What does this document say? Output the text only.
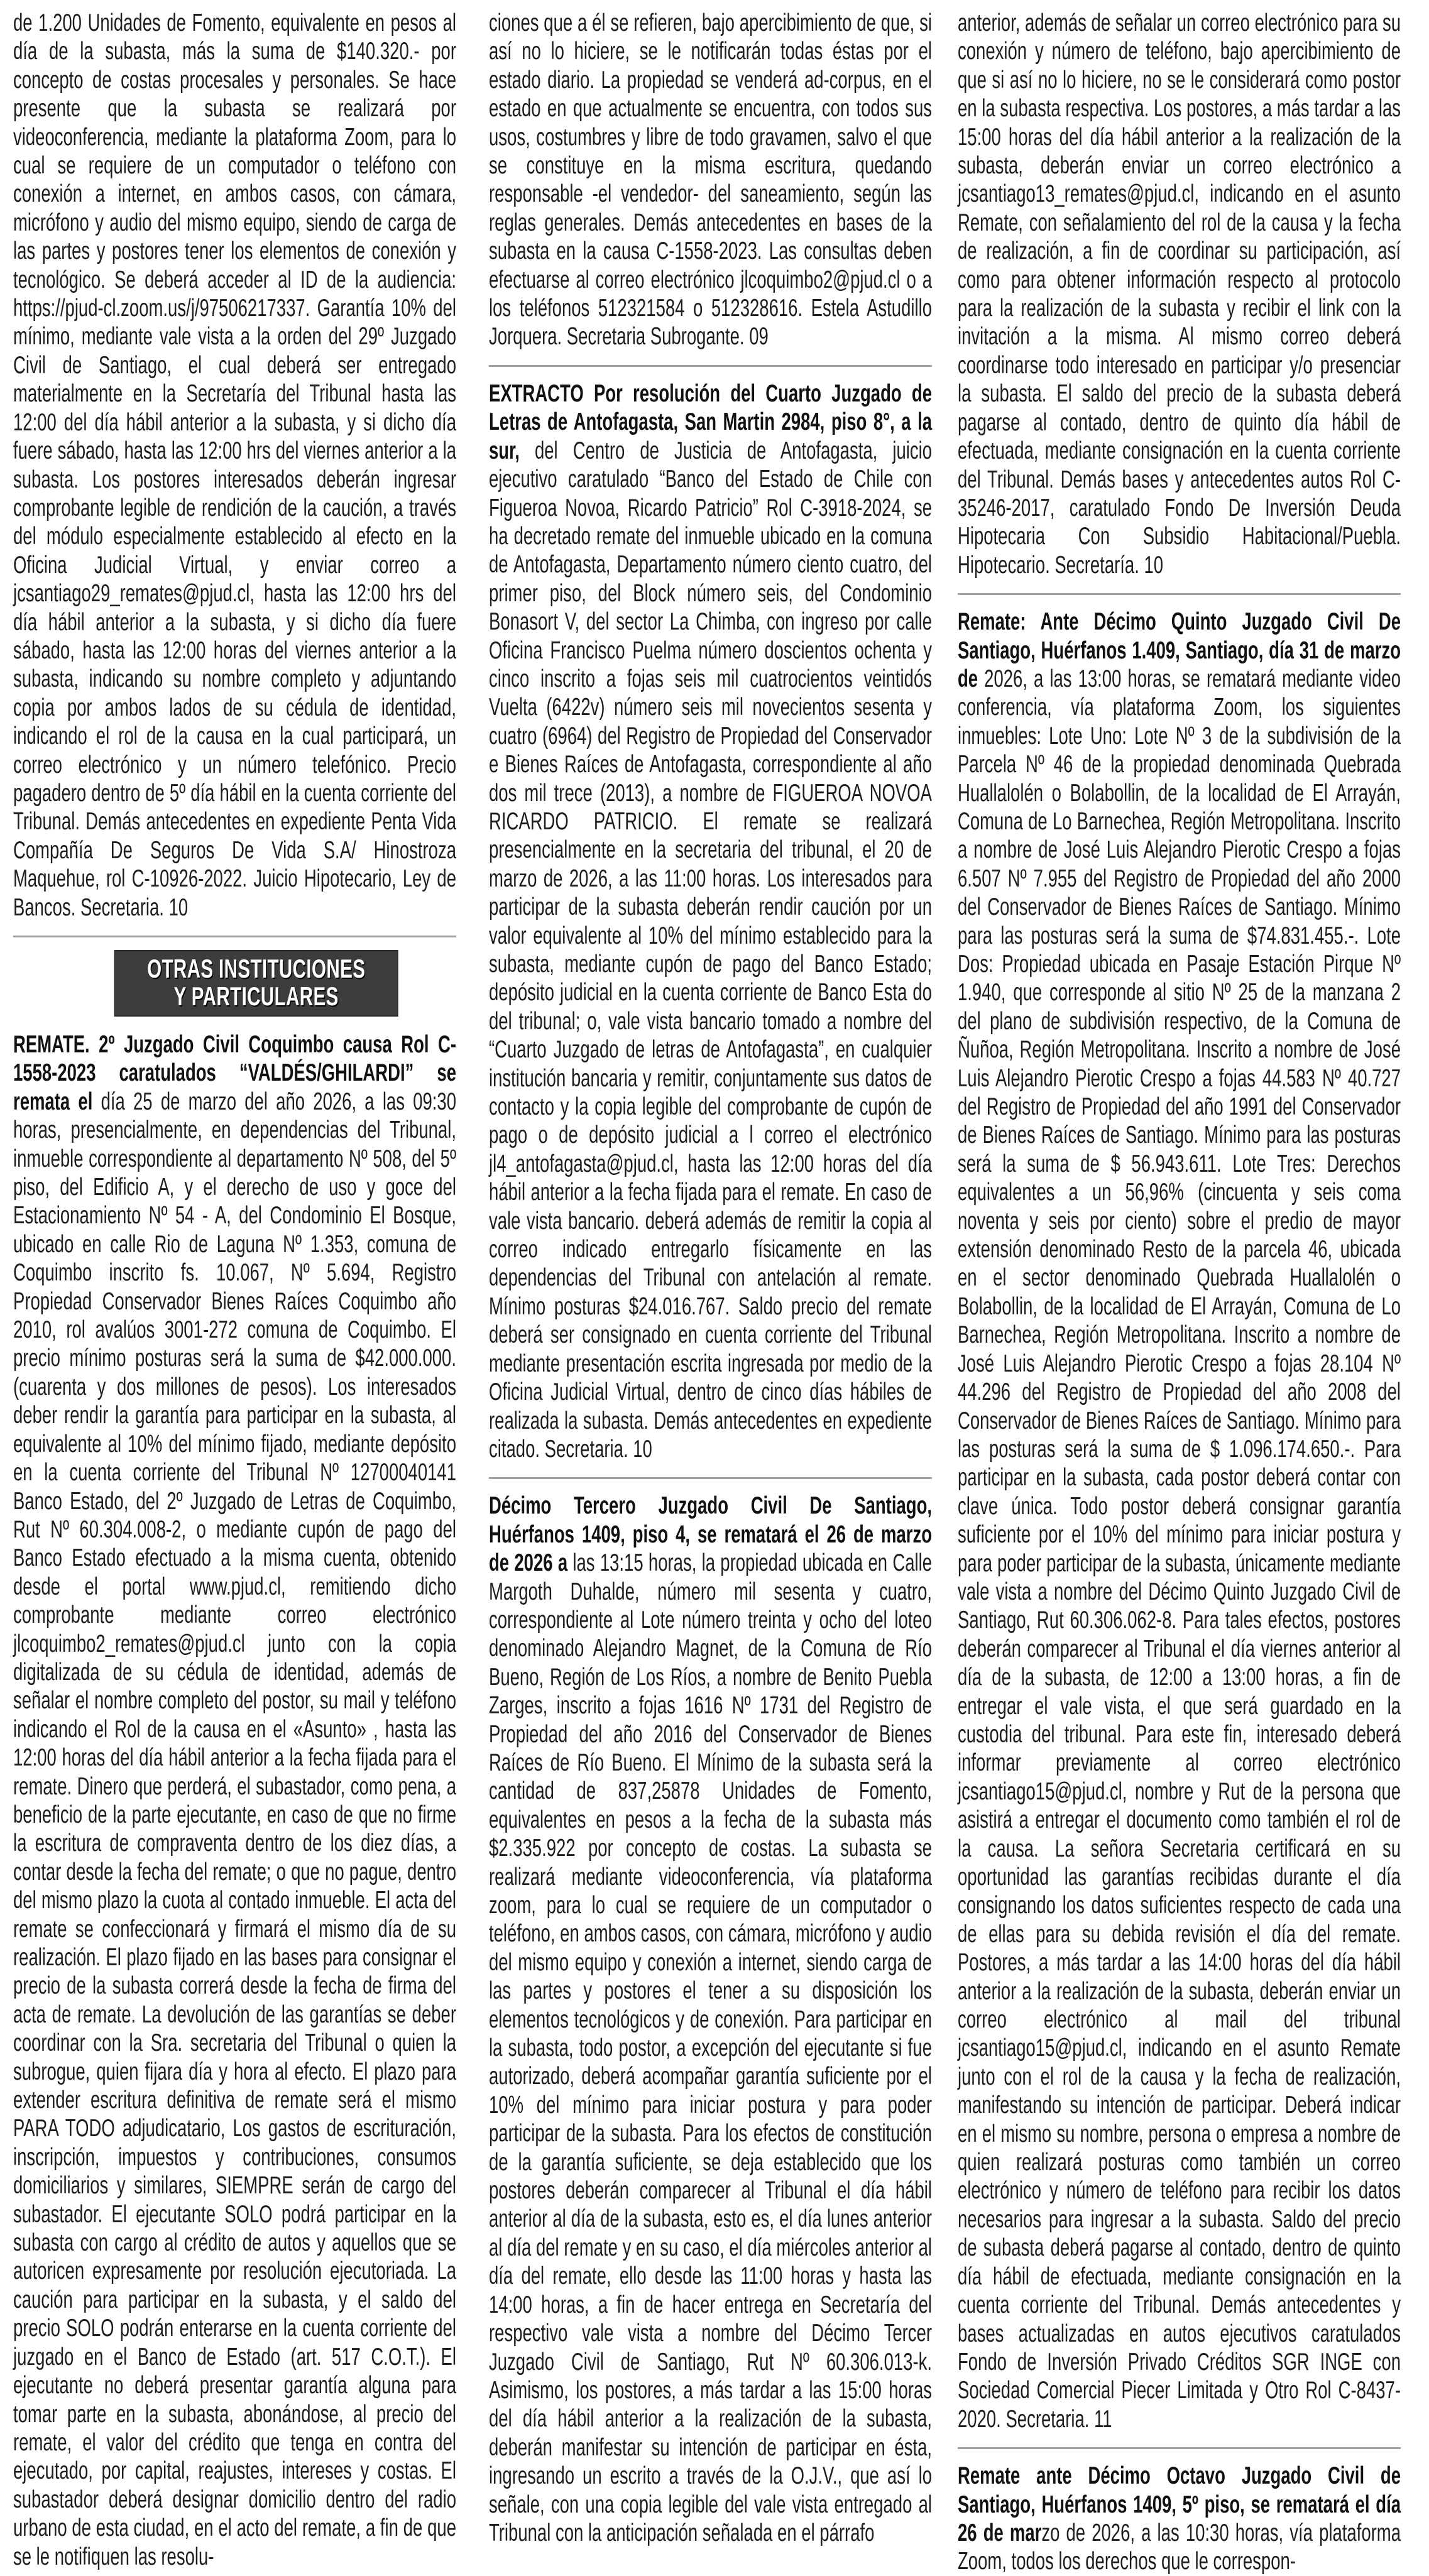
de 1.200 Unidades de Fomento, equivalente en pesos al día de la subasta, más la suma de $140.320.- por concepto de costas procesales y personales. Se hace presente que la subasta se realizará por videoconferencia, mediante la plataforma Zoom, para lo cual se requiere de un computador o teléfono con conexión a internet, en ambos casos, con cámara, micrófono y audio del mismo equipo, siendo de carga de las partes y postores tener los elementos de conexión y tecnológico. Se deberá acceder al ID de la audiencia: https://pjud-cl.zoom.us/j/97506217337. Garantía 10% del mínimo, mediante vale vista a la orden del 29º Juzgado Civil de Santiago, el cual deberá ser entregado materialmente en la Secretaría del Tribunal hasta las 12:00 del día hábil anterior a la subasta, y si dicho día fuere sábado, hasta las 12:00 hrs del viernes anterior a la subasta. Los postores interesados deberán ingresar comprobante legible de rendición de la caución, a través del módulo especialmente establecido al efecto en la Oficina Judicial Virtual, y enviar correo a jcsantiago29_remates@pjud.cl, hasta las 12:00 hrs del día hábil anterior a la subasta, y si dicho día fuere sábado, hasta las 12:00 horas del viernes anterior a la subasta, indicando su nombre completo y adjuntando copia por ambos lados de su cédula de identidad, indicando el rol de la causa en la cual participará, un correo electrónico y un número telefónico. Precio pagadero dentro de 5º día hábil en la cuenta corriente del Tribunal. Demás antecedentes en expediente Penta Vida Compañía De Seguros De Vida S.A/ Hinostroza Maquehue, rol C-10926-2022. Juicio Hipotecario, Ley de Bancos. Secretaria. 10

OTRAS INSTITUCIONES
Y PARTICULARES

REMATE. 2º Juzgado Civil Coquimbo causa Rol C-1558-2023 caratulados “VALDÉS/GHILARDI” se remata el día 25 de marzo del año 2026, a las 09:30 horas, presencialmente, en dependencias del Tribunal, inmueble correspondiente al departamento Nº 508, del 5º piso, del Edificio A, y el derecho de uso y goce del Estacionamiento Nº 54 - A, del Condominio El Bosque, ubicado en calle Rio de Laguna Nº 1.353, comuna de Coquimbo inscrito fs. 10.067, Nº 5.694, Registro Propiedad Conservador Bienes Raíces Coquimbo año 2010, rol avalúos 3001-272 comuna de Coquimbo. El precio mínimo posturas será la suma de $42.000.000. (cuarenta y dos millones de pesos). Los interesados deber rendir la garantía para participar en la subasta, al equivalente al 10% del mínimo fijado, mediante depósito en la cuenta corriente del Tribunal Nº 12700040141 Banco Estado, del 2º Juzgado de Letras de Coquimbo, Rut Nº 60.304.008-2, o mediante cupón de pago del Banco Estado efectuado a la misma cuenta, obtenido desde el portal www.pjud.cl, remitiendo dicho comprobante mediante correo electrónico jlcoquimbo2_remates@pjud.cl junto con la copia digitalizada de su cédula de identidad, además de señalar el nombre completo del postor, su mail y teléfono indicando el Rol de la causa en el «Asunto» , hasta las 12:00 horas del día hábil anterior a la fecha fijada para el remate. Dinero que perderá, el subastador, como pena, a beneficio de la parte ejecutante, en caso de que no firme la escritura de compraventa dentro de los diez días, a contar desde la fecha del remate; o que no pague, dentro del mismo plazo la cuota al contado inmueble. El acta del remate se confeccionará y firmará el mismo día de su realización. El plazo fijado en las bases para consignar el precio de la subasta correrá desde la fecha de firma del acta de remate. La devolución de las garantías se deber coordinar con la Sra. secretaria del Tribunal o quien la subrogue, quien fijara día y hora al efecto. El plazo para extender escritura definitiva de remate será el mismo PARA TODO adjudicatario, Los gastos de escrituración, inscripción, impuestos y contribuciones, consumos domiciliarios y similares, SIEMPRE serán de cargo del subastador. El ejecutante SOLO podrá participar en la subasta con cargo al crédito de autos y aquellos que se autoricen expresamente por resolución ejecutoriada. La caución para participar en la subasta, y el saldo del precio SOLO podrán enterarse en la cuenta corriente del juzgado en el Banco de Estado (art. 517 C.O.T.). El ejecutante no deberá presentar garantía alguna para tomar parte en la subasta, abonándose, al precio del remate, el valor del crédito que tenga en contra del ejecutado, por capital, reajustes, intereses y costas. El subastador deberá designar domicilio dentro del radio urbano de esta ciudad, en el acto del remate, a fin de que se le notifiquen las resolu-

ciones que a él se refieren, bajo apercibimiento de que, si así no lo hiciere, se le notificarán todas éstas por el estado diario. La propiedad se venderá ad-corpus, en el estado en que actualmente se encuentra, con todos sus usos, costumbres y libre de todo gravamen, salvo el que se constituye en la misma escritura, quedando responsable -el vendedor- del saneamiento, según las reglas generales. Demás antecedentes en bases de la subasta en la causa C-1558-2023. Las consultas deben efectuarse al correo electrónico jlcoquimbo2@pjud.cl o a los teléfonos 512321584 o 512328616. Estela Astudillo Jorquera. Secretaria Subrogante. 09

EXTRACTO Por resolución del Cuarto Juzgado de Letras de Antofagasta, San Martin 2984, piso 8°, a la sur, del Centro de Justicia de Antofagasta, juicio ejecutivo caratulado “Banco del Estado de Chile con Figueroa Novoa, Ricardo Patricio” Rol C-3918-2024, se ha decretado remate del inmueble ubicado en la comuna de Antofagasta, Departamento número ciento cuatro, del primer piso, del Block número seis, del Condominio Bonasort V, del sector La Chimba, con ingreso por calle Oficina Francisco Puelma número doscientos ochenta y cinco inscrito a fojas seis mil cuatrocientos veintidós Vuelta (6422v) número seis mil novecientos sesenta y cuatro (6964) del Registro de Propiedad del Conservador e Bienes Raíces de Antofagasta, correspondiente al año dos mil trece (2013), a nombre de FIGUEROA NOVOA RICARDO PATRICIO. El remate se realizará presencialmente en la secretaria del tribunal, el 20 de marzo de 2026, a las 11:00 horas. Los interesados para participar de la subasta deberán rendir caución por un valor equivalente al 10% del mínimo establecido para la subasta, mediante cupón de pago del Banco Estado; depósito judicial en la cuenta corriente de Banco Esta do del tribunal; o, vale vista bancario tomado a nombre del “Cuarto Juzgado de letras de Antofagasta”, en cualquier institución bancaria y remitir, conjuntamente sus datos de contacto y la copia legible del comprobante de cupón de pago o de depósito judicial a l correo el electrónico jl4_antofagasta@pjud.cl, hasta las 12:00 horas del día hábil anterior a la fecha fijada para el remate. En caso de vale vista bancario. deberá además de remitir la copia al correo indicado entregarlo físicamente en las dependencias del Tribunal con antelación al remate. Mínimo posturas $24.016.767. Saldo precio del remate deberá ser consignado en cuenta corriente del Tribunal mediante presentación escrita ingresada por medio de la Oficina Judicial Virtual, dentro de cinco días hábiles de realizada la subasta. Demás antecedentes en expediente citado. Secretaria. 10

Décimo Tercero Juzgado Civil De Santiago, Huérfanos 1409, piso 4, se rematará el 26 de marzo de 2026 a las 13:15 horas, la propiedad ubicada en Calle Margoth Duhalde, número mil sesenta y cuatro, correspondiente al Lote número treinta y ocho del loteo denominado Alejandro Magnet, de la Comuna de Río Bueno, Región de Los Ríos, a nombre de Benito Puebla Zarges, inscrito a fojas 1616 Nº 1731 del Registro de Propiedad del año 2016 del Conservador de Bienes Raíces de Río Bueno. El Mínimo de la subasta será la cantidad de 837,25878 Unidades de Fomento, equivalentes en pesos a la fecha de la subasta más $2.335.922 por concepto de costas. La subasta se realizará mediante videoconferencia, vía plataforma zoom, para lo cual se requiere de un computador o teléfono, en ambos casos, con cámara, micrófono y audio del mismo equipo y conexión a internet, siendo carga de las partes y postores el tener a su disposición los elementos tecnológicos y de conexión. Para participar en la subasta, todo postor, a excepción del ejecutante si fue autorizado, deberá acompañar garantía suficiente por el 10% del mínimo para iniciar postura y para poder participar de la subasta. Para los efectos de constitución de la garantía suficiente, se deja establecido que los postores deberán comparecer al Tribunal el día hábil anterior al día de la subasta, esto es, el día lunes anterior al día del remate y en su caso, el día miércoles anterior al día del remate, ello desde las 11:00 horas y hasta las 14:00 horas, a fin de hacer entrega en Secretaría del respectivo vale vista a nombre del Décimo Tercer Juzgado Civil de Santiago, Rut Nº 60.306.013-k. Asimismo, los postores, a más tardar a las 15:00 horas del día hábil anterior a la realización de la subasta, deberán manifestar su intención de participar en ésta, ingresando un escrito a través de la O.J.V., que así lo señale, con una copia legible del vale vista entregado al Tribunal con la anticipación señalada en el párrafo

anterior, además de señalar un correo electrónico para su conexión y número de teléfono, bajo apercibimiento de que si así no lo hiciere, no se le considerará como postor en la subasta respectiva. Los postores, a más tardar a las 15:00 horas del día hábil anterior a la realización de la subasta, deberán enviar un correo electrónico a jcsantiago13_remates@pjud.cl, indicando en el asunto Remate, con señalamiento del rol de la causa y la fecha de realización, a fin de coordinar su participación, así como para obtener información respecto al protocolo para la realización de la subasta y recibir el link con la invitación a la misma. Al mismo correo deberá coordinarse todo interesado en participar y/o presenciar la subasta. El saldo del precio de la subasta deberá pagarse al contado, dentro de quinto día hábil de efectuada, mediante consignación en la cuenta corriente del Tribunal. Demás bases y antecedentes autos Rol C-35246-2017, caratulado Fondo De Inversión Deuda Hipotecaria Con Subsidio Habitacional/Puebla. Hipotecario. Secretaría. 10

Remate: Ante Décimo Quinto Juzgado Civil De Santiago, Huérfanos 1.409, Santiago, día 31 de marzo de 2026, a las 13:00 horas, se rematará mediante video conferencia, vía plataforma Zoom, los siguientes inmuebles: Lote Uno: Lote Nº 3 de la subdivisión de la Parcela Nº 46 de la propiedad denominada Quebrada Huallalolén o Bolabollin, de la localidad de El Arrayán, Comuna de Lo Barnechea, Región Metropolitana. Inscrito a nombre de José Luis Alejandro Pierotic Crespo a fojas 6.507 Nº 7.955 del Registro de Propiedad del año 2000 del Conservador de Bienes Raíces de Santiago. Mínimo para las posturas será la suma de $74.831.455.-. Lote Dos: Propiedad ubicada en Pasaje Estación Pirque Nº 1.940, que corresponde al sitio Nº 25 de la manzana 2 del plano de subdivisión respectivo, de la Comuna de Ñuñoa, Región Metropolitana. Inscrito a nombre de José Luis Alejandro Pierotic Crespo a fojas 44.583 Nº 40.727 del Registro de Propiedad del año 1991 del Conservador de Bienes Raíces de Santiago. Mínimo para las posturas será la suma de $ 56.943.611. Lote Tres: Derechos equivalentes a un 56,96% (cincuenta y seis coma noventa y seis por ciento) sobre el predio de mayor extensión denominado Resto de la parcela 46, ubicada en el sector denominado Quebrada Huallalolén o Bolabollin, de la localidad de El Arrayán, Comuna de Lo Barnechea, Región Metropolitana. Inscrito a nombre de José Luis Alejandro Pierotic Crespo a fojas 28.104 Nº 44.296 del Registro de Propiedad del año 2008 del Conservador de Bienes Raíces de Santiago. Mínimo para las posturas será la suma de $ 1.096.174.650.-. Para participar en la subasta, cada postor deberá contar con clave única. Todo postor deberá consignar garantía suficiente por el 10% del mínimo para iniciar postura y para poder participar de la subasta, únicamente mediante vale vista a nombre del Décimo Quinto Juzgado Civil de Santiago, Rut 60.306.062-8. Para tales efectos, postores deberán comparecer al Tribunal el día viernes anterior al día de la subasta, de 12:00 a 13:00 horas, a fin de entregar el vale vista, el que será guardado en la custodia del tribunal. Para este fin, interesado deberá informar previamente al correo electrónico jcsantiago15@pjud.cl, nombre y Rut de la persona que asistirá a entregar el documento como también el rol de la causa. La señora Secretaria certificará en su oportunidad las garantías recibidas durante el día consignando los datos suficientes respecto de cada una de ellas para su debida revisión el día del remate. Postores, a más tardar a las 14:00 horas del día hábil anterior a la realización de la subasta, deberán enviar un correo electrónico al mail del tribunal jcsantiago15@pjud.cl, indicando en el asunto Remate junto con el rol de la causa y la fecha de realización, manifestando su intención de participar. Deberá indicar en el mismo su nombre, persona o empresa a nombre de quien realizará posturas como también un correo electrónico y número de teléfono para recibir los datos necesarios para ingresar a la subasta. Saldo del precio de subasta deberá pagarse al contado, dentro de quinto día hábil de efectuada, mediante consignación en la cuenta corriente del Tribunal. Demás antecedentes y bases actualizadas en autos ejecutivos caratulados Fondo de Inversión Privado Créditos SGR INGE con Sociedad Comercial Piecer Limitada y Otro Rol C-8437-2020. Secretaria. 11

Remate ante Décimo Octavo Juzgado Civil de Santiago, Huérfanos 1409, 5º piso, se rematará el día 26 de marzo de 2026, a las 10:30 horas, vía plataforma Zoom, todos los derechos que le correspon-
